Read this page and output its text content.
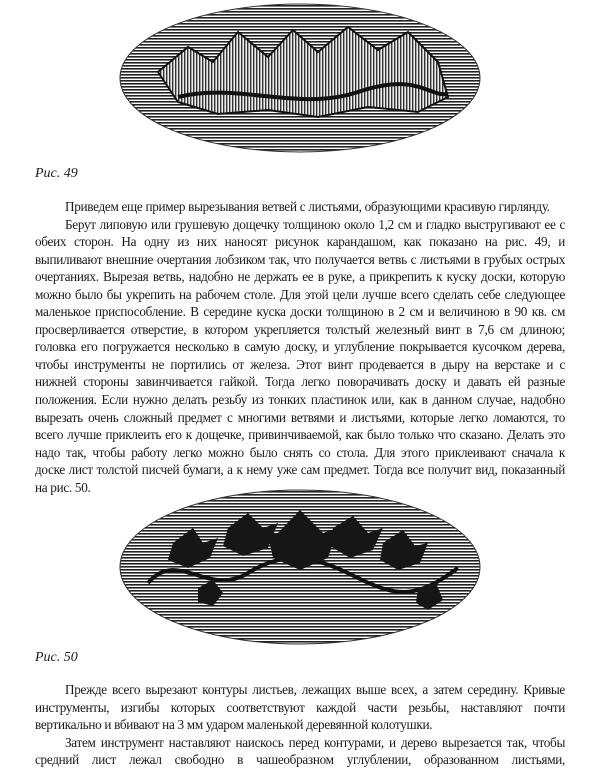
Рис. 49
Приведем еще пример вырезывания ветвей с листьями, образующими красивую гирлянду.
Берут липовую или грушевую дощечку толщиною около 1,2 см и гладко выстругивают ее с
обеих сторон. На одну из них наносят рисунок карандашом, как показано на рис. 49, и
выпиливают внешние очертания лобзиком так, что получается ветвь с листьями в грубых острых
очертаниях. Вырезая ветвь, надобно не держать ее в руке, а прикрепить к куску доски, которую
можно было бы укрепить на рабочем столе. Для этой цели лучше всего сделать себе следующее
маленькое приспособление. В середине куска доски толщиною в 2 см и величиною в 90 кв. см
просверливается отверстие, в котором укрепляется толстый железный винт в 7,6 см длиною;
головка его погружается несколько в самую доску, и углубление покрывается кусочком дерева,
чтобы инструменты не портились от железа. Этот винт продевается в дыру на верстаке и с
нижней стороны завинчивается гайкой. Тогда легко поворачивать доску и давать ей разные
положения. Если нужно делать резьбу из тонких пластинок или, как в данном случае, надобно
вырезать очень сложный предмет с многими ветвями и листьями, которые легко ломаются, то
всего лучше приклеить его к дощечке, привинчиваемой, как было только что сказано. Делать это
надо так, чтобы работу легко можно было снять со стола. Для этого приклеивают сначала к
доске лист толстой писчей бумаги, а к нему уже сам предмет. Тогда все получит вид, показанный
на рис. 50.
Рис. 50
Прежде всего вырезают контуры листьев, лежащих выше всех, а затем середину. Кривые
инструменты, изгибы которых соответствуют каждой части резьбы, наставляют почти
вертикально и вбивают на 3 мм ударом маленькой деревянной колотушки.
Затем инструмент наставляют наискось перед контурами, и дерево вырезается так, чтобы
средний лист лежал свободно в чашеобразном углублении, образованном листьями,
